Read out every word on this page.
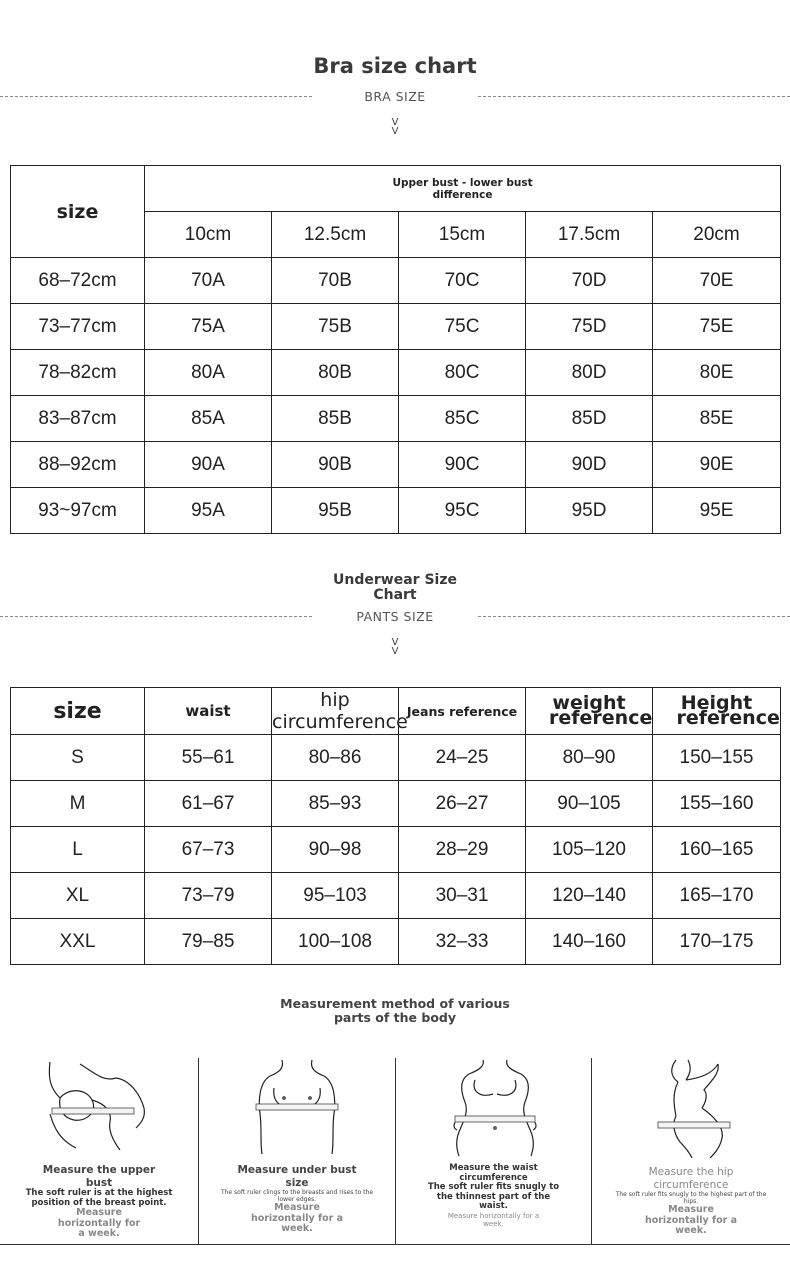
Bra size chart
BRA SIZE
V
V
size	Upper bust - lower bust difference				

	10cm	12.5cm	15cm	17.5cm	20cm
68–72cm	70A	70B	70C	70D	70E
73–77cm	75A	75B	75C	75D	75E
78–82cm	80A	80B	80C	80D	80E
83–87cm	85A	85B	85C	85D	85E
88–92cm	90A	90B	90C	90D	90E
93~97cm	95A	95B	95C	95D	95E
Underwear Size
Chart
PANTS SIZE
V
V
size	waist	hip circumference	Jeans reference	weight reference	Height reference

S	55–61	80–86	24–25	80–90	150–155
M	61–67	85–93	26–27	90–105	155–160
L	67–73	90–98	28–29	105–120	160–165
XL	73–79	95–103	30–31	120–140	165–170
XXL	79–85	100–108	32–33	140–160	170–175
Measurement method of various
parts of the body
Measure the upper bust
The soft ruler is at the highest position of the breast point.
Measure horizontally for a week.
Measure under bust size
The soft ruler clings to the breasts and rises to the lower edges.
Measure horizontally for a week.
Measure the waist circumference
The soft ruler fits snugly to the thinnest part of the waist.
Measure horizontally for a week.
Measure the hip circumference
The soft ruler fits snugly to the highest part of the hips.
Measure horizontally for a week.
